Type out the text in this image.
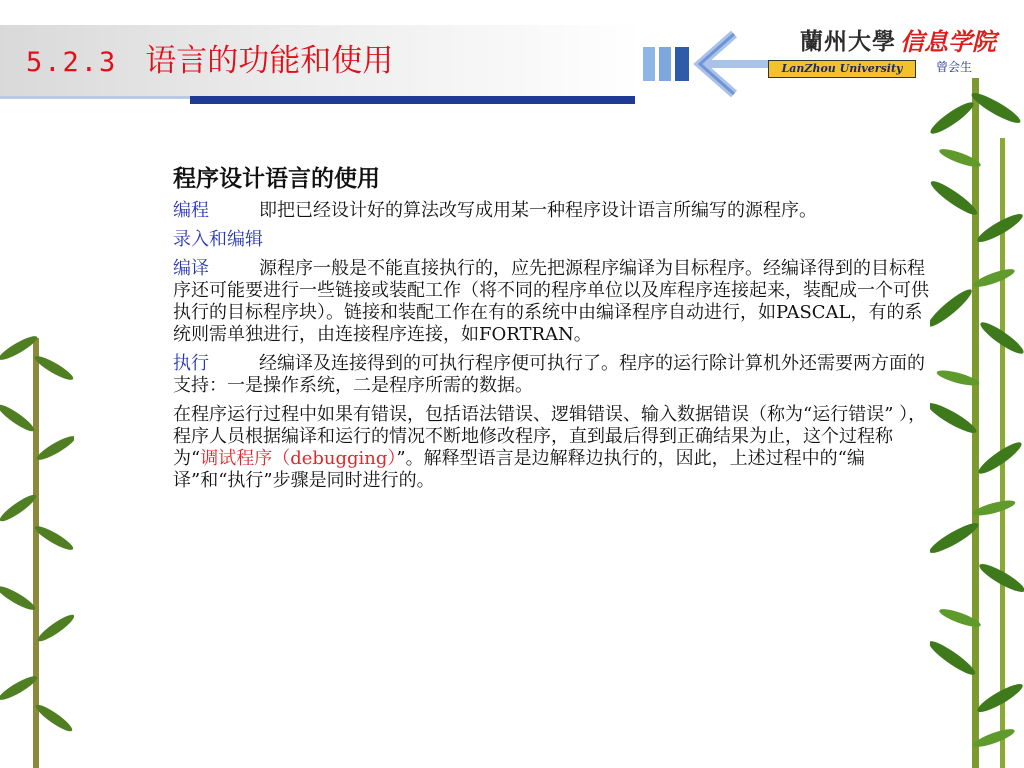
5.2.3 语言的功能和使用
蘭州大學 信息学院
LanZhou University	曾会生
程序设计语言的使用
编程	即把已经设计好的算法改写成用某一种程序设计语言所编写的源程序。
录入和编辑
编译	源程序一般是不能直接执行的，应先把源程序编译为目标程序。经编译得到的目标程序还可能要进行一些链接或装配工作（将不同的程序单位以及库程序连接起来，装配成一个可供执行的目标程序块）。链接和装配工作在有的系统中由编译程序自动进行，如PASCAL，有的系统则需单独进行，由连接程序连接，如FORTRAN。
执行	经编译及连接得到的可执行程序便可执行了。程序的运行除计算机外还需要两方面的支持：一是操作系统，二是程序所需的数据。
在程序运行过程中如果有错误，包括语法错误、逻辑错误、输入数据错误（称为“运行错误” ），程序人员根据编译和运行的情况不断地修改程序，直到最后得到正确结果为止，这个过程称为“调试程序（debugging）”。解释型语言是边解释边执行的，因此，上述过程中的“编译”和“执行”步骤是同时进行的。
